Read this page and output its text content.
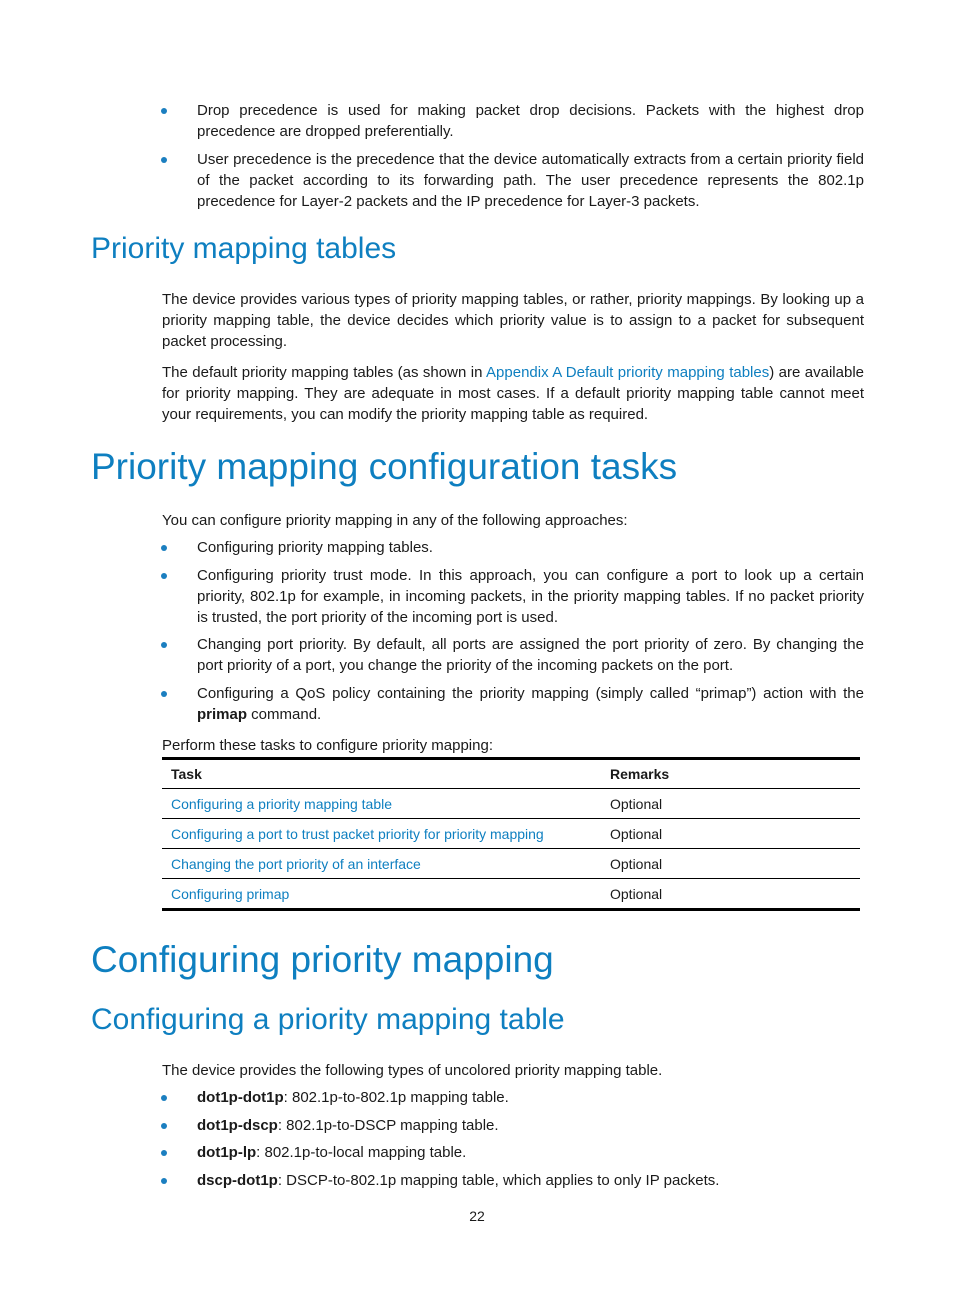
Drop precedence is used for making packet drop decisions. Packets with the highest drop precedence are dropped preferentially.
User precedence is the precedence that the device automatically extracts from a certain priority field of the packet according to its forwarding path. The user precedence represents the 802.1p precedence for Layer-2 packets and the IP precedence for Layer-3 packets.
Priority mapping tables

The device provides various types of priority mapping tables, or rather, priority mappings. By looking up a priority mapping table, the device decides which priority value is to assign to a packet for subsequent packet processing.

The default priority mapping tables (as shown in Appendix A Default priority mapping tables) are available for priority mapping. They are adequate in most cases. If a default priority mapping table cannot meet your requirements, you can modify the priority mapping table as required.

Priority mapping configuration tasks

You can configure priority mapping in any of the following approaches:

Configuring priority mapping tables.
Configuring priority trust mode. In this approach, you can configure a port to look up a certain priority, 802.1p for example, in incoming packets, in the priority mapping tables. If no packet priority is trusted, the port priority of the incoming port is used.
Changing port priority. By default, all ports are assigned the port priority of zero. By changing the port priority of a port, you change the priority of the incoming packets on the port.
Configuring a QoS policy containing the priority mapping (simply called “primap”) action with the primap command.

Perform these tasks to configure priority mapping:

Task	Remarks
Configuring a priority mapping table	Optional
Configuring a port to trust packet priority for priority mapping	Optional
Changing the port priority of an interface	Optional
Configuring primap	Optional
Configuring priority mapping
Configuring a priority mapping table

The device provides the following types of uncolored priority mapping table.

dot1p-dot1p: 802.1p-to-802.1p mapping table.
dot1p-dscp: 802.1p-to-DSCP mapping table.
dot1p-lp: 802.1p-to-local mapping table.
dscp-dot1p: DSCP-to-802.1p mapping table, which applies to only IP packets.
22
